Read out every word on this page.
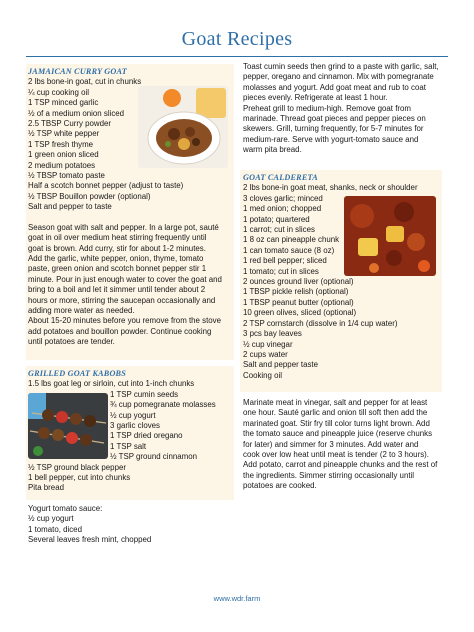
Goat Recipes

JAMAICAN CURRY GOAT

2 lbs bone-in goat, cut in chunks

¼ cup cooking oil

1 TSP minced garlic

½ of a medium onion sliced

2.5 TBSP Curry powder

½ TSP white pepper

1 TSP fresh thyme

1 green onion sliced

2 medium potatoes

½ TBSP tomato paste

Half a scotch bonnet pepper (adjust to taste)

½ TBSP Bouillon powder (optional)

Salt and pepper to taste

Season goat with salt and pepper. In a large pot, sauté

goat in oil over medium heat stirring frequently until

goat is brown. Add curry, stir for about 1-2 minutes.

Add the garlic, white pepper, onion, thyme, tomato

paste, green onion and scotch bonnet pepper stir 1

minute. Pour in just enough water to cover the goat and

bring to a boil and let it simmer until tender about 2

hours or more, stirring the saucepan occasionally and

adding more water as needed.

About 15-20 minutes before you remove from the stove

add potatoes and bouillon powder. Continue cooking

until potatoes are tender.

GRILLED GOAT KABOBS

1.5 lbs goat leg or sirloin, cut into 1-inch chunks

1 TSP cumin seeds

¾ cup pomegranate molasses

½ cup yogurt

3 garlic cloves

1 TSP dried oregano

1 TSP salt

½ TSP ground cinnamon

½ TSP ground black pepper

1 bell pepper, cut into chunks

Pita bread

Yogurt tomato sauce:

½ cup yogurt

1 tomato, diced

Several leaves fresh mint, chopped

Toast cumin seeds then grind to a paste with garlic, salt,

pepper, oregano and cinnamon. Mix with pomegranate

molasses and yogurt. Add goat meat and rub to coat

pieces evenly. Refrigerate at least 1 hour.

Preheat grill to medium-high. Remove goat from

marinade. Thread goat pieces and pepper pieces on

skewers. Grill, turning frequently, for 5-7 minutes for

medium-rare. Serve with yogurt-tomato sauce and

warm pita bread.

GOAT CALDERETA

2 lbs bone-in goat meat, shanks, neck or shoulder

3 cloves garlic; minced

1 med onion; chopped

1 potato; quartered

1 carrot; cut in slices

1 8 oz can pineapple chunk

1 can tomato sauce (8 oz)

1 red bell pepper; sliced

1 tomato; cut in slices

2 ounces ground liver (optional)

1 TBSP pickle relish (optional)

1 TBSP peanut butter (optional)

10 green olives, sliced (optional)

2 TSP cornstarch (dissolve in 1/4 cup water)

3 pcs bay leaves

½ cup vinegar

2 cups water

Salt and pepper taste

Cooking oil

Marinate meat in vinegar, salt and pepper for at least

one hour. Sauté garlic and onion till soft then add the

marinated goat. Stir fry till color turns light brown. Add

the tomato sauce and pineapple juice (reserve chunks

for later) and simmer for 3 minutes. Add water and

cook over low heat until meat is tender (2 to 3 hours).

Add potato, carrot and pineapple chunks and the rest of

the ingredients. Simmer stirring occasionally until

potatoes are cooked.

www.wdr.farm
